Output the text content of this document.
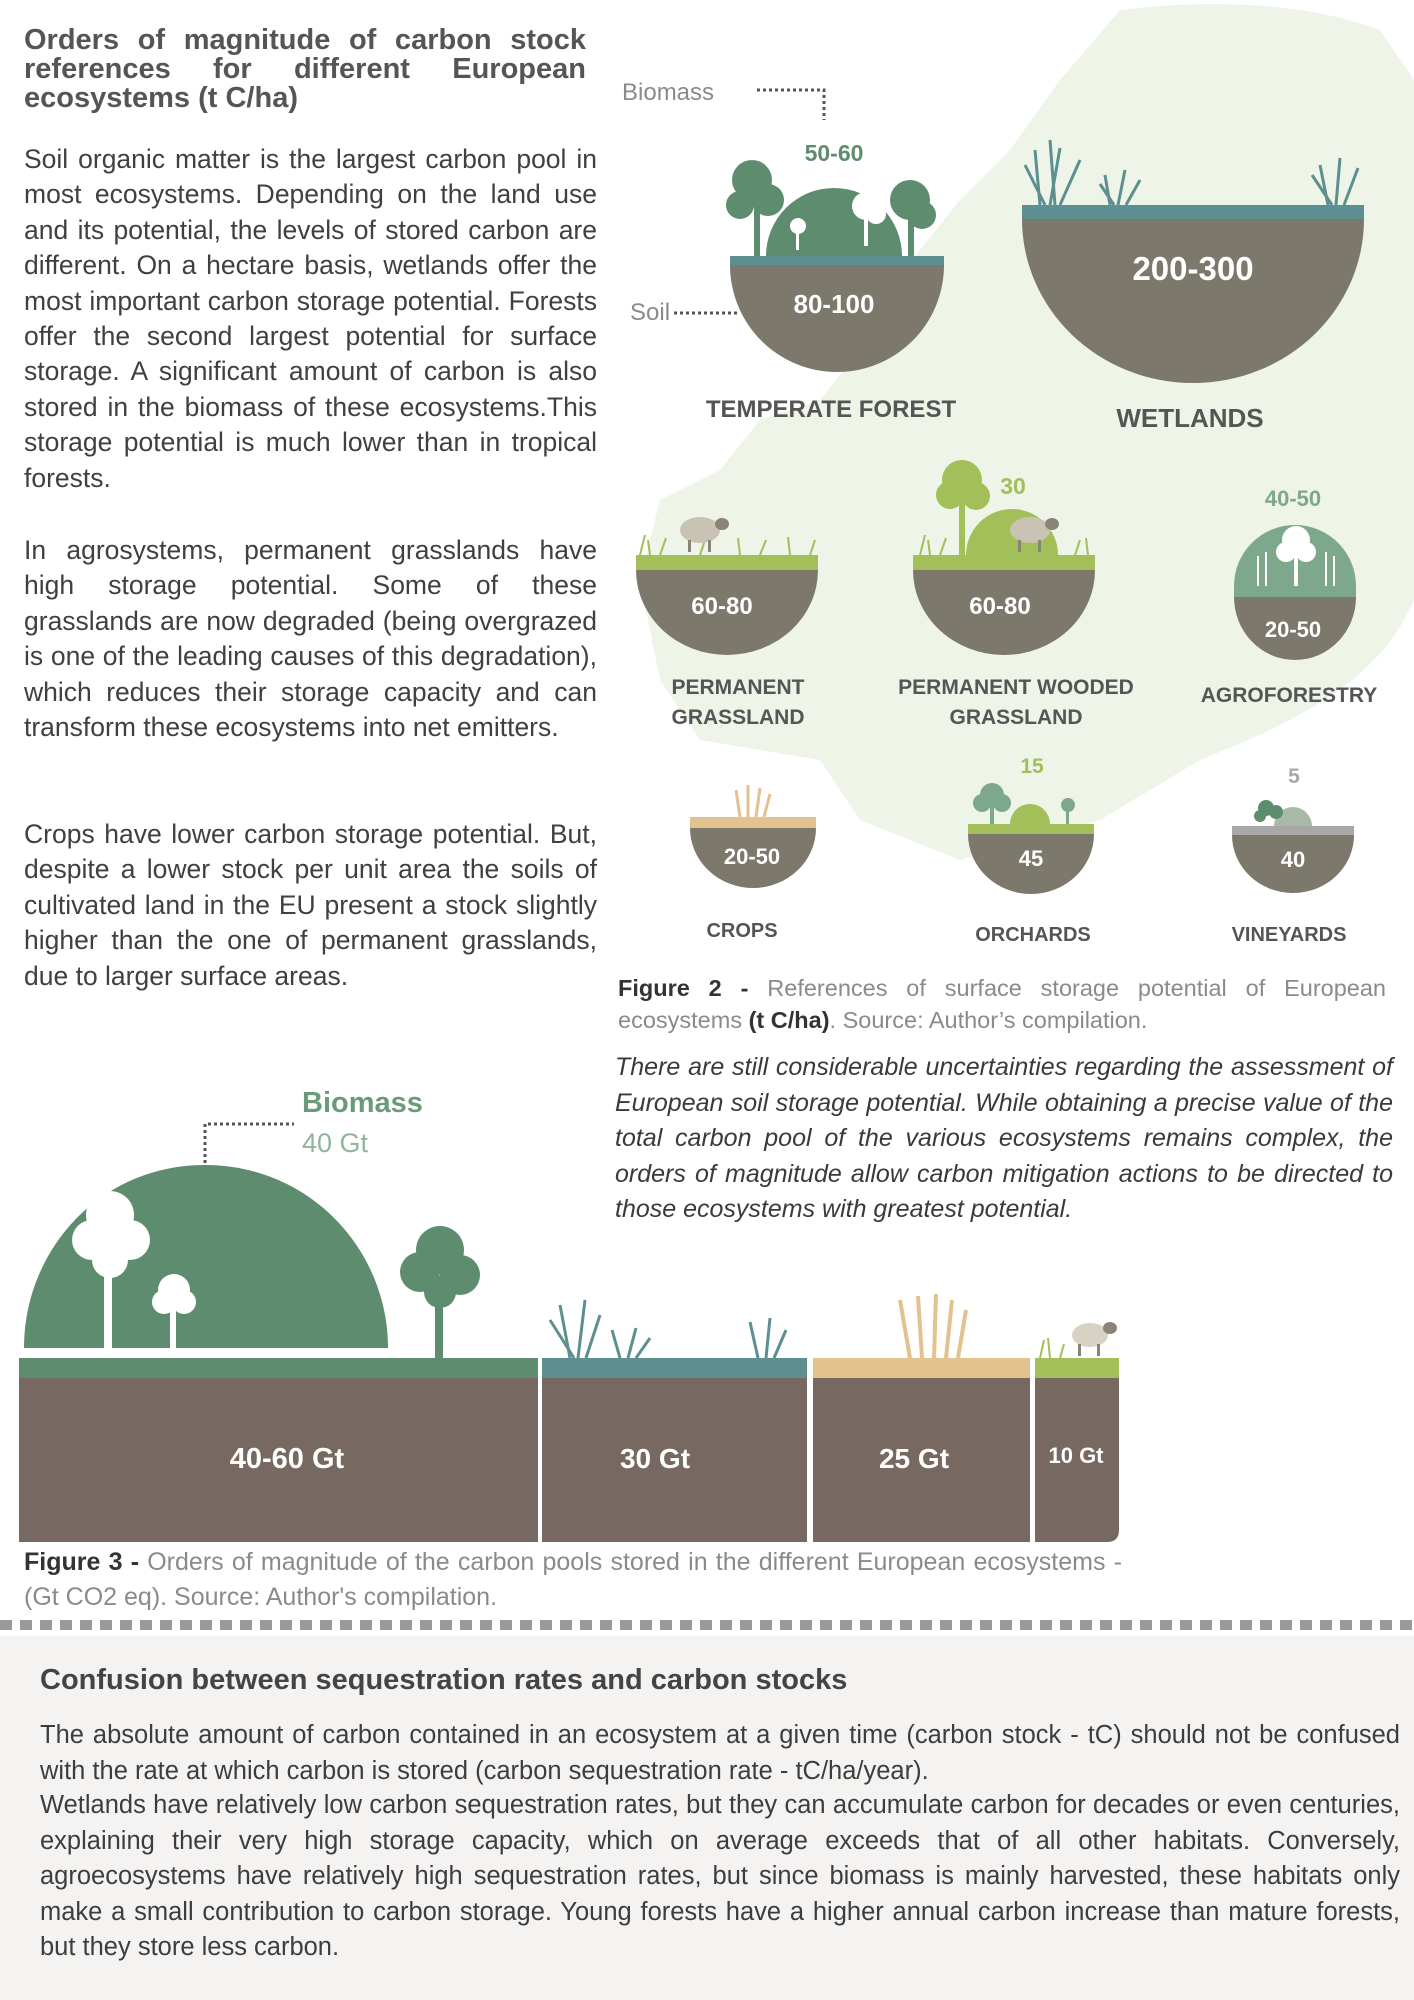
Orders of magnitude of carbon stock references for different European ecosystems (t C/ha)

Soil organic matter is the largest carbon pool in most ecosystems. Depending on the land use and its potential, the levels of stored carbon are different. On a hectare basis, wetlands offer the most important carbon storage potential. Forests offer the second largest potential for surface storage. A significant amount of carbon is also stored in the biomass of these ecosystems.This storage potential is much lower than in tropical forests.

In agrosystems, permanent grasslands have high storage potential. Some of these grasslands are now degraded (being overgrazed is one of the leading causes of this degradation), which reduces their storage capacity and can transform these ecosystems into net emitters.

Crops have lower carbon storage potential. But, despite a lower stock per unit area the soils of cultivated land in the EU present a stock slightly higher than the one of permanent grasslands, due to larger surface areas.

Biomass
Soil
50-60
80-100
TEMPERATE FOREST
200-300
WETLANDS
60-80
PERMANENT
GRASSLAND
30
60-80
PERMANENT WOODED
GRASSLAND
40-50
20-50
AGROFORESTRY
20-50
CROPS
15
45
ORCHARDS
5
40
VINEYARDS

Figure 2 - References of surface storage potential of European ecosystems (t C/ha). Source: Author’s compilation.

There are still considerable uncertainties regarding the assessment of European soil storage potential. While obtaining a precise value of the total carbon pool of the various ecosystems remains complex, the orders of magnitude allow carbon mitigation actions to be directed to those ecosystems with greatest potential.

Biomass
40 Gt
40-60 Gt	30 Gt	25 Gt	10 Gt

Figure 3 - Orders of magnitude of the carbon pools stored in the different European ecosystems - (Gt CO2 eq). Source: Author's compilation.

Confusion between sequestration rates and carbon stocks

The absolute amount of carbon contained in an ecosystem at a given time (carbon stock - tC) should not be confused with the rate at which carbon is stored (carbon sequestration rate - tC/ha/year).

Wetlands have relatively low carbon sequestration rates, but they can accumulate carbon for decades or even centuries, explaining their very high storage capacity, which on average exceeds that of all other habitats. Conversely, agroecosystems have relatively high sequestration rates, but since biomass is mainly harvested, these habitats only make a small contribution to carbon storage. Young forests have a higher annual carbon increase than mature forests, but they store less carbon.
